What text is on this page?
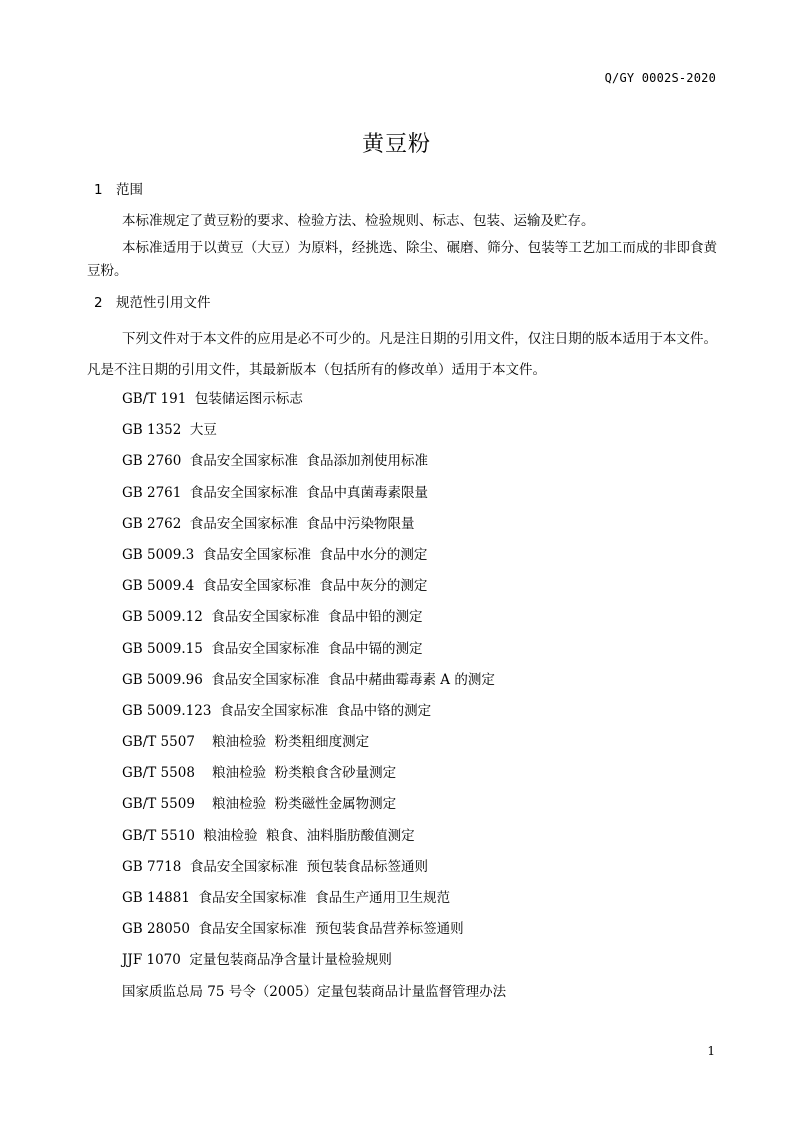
Q/GY 0002S-2020
黄豆粉
1 范围
本标准规定了黄豆粉的要求、检验方法、检验规则、标志、包装、运输及贮存。
本标准适用于以黄豆（大豆）为原料，经挑选、除尘、碾磨、筛分、包装等工艺加工而成的非即食黄豆粉。
2 规范性引用文件
下列文件对于本文件的应用是必不可少的。凡是注日期的引用文件，仅注日期的版本适用于本文件。凡是不注日期的引用文件，其最新版本（包括所有的修改单）适用于本文件。
GB/T 191  包装储运图示标志
GB 1352  大豆
GB 2760  食品安全国家标准  食品添加剂使用标准
GB 2761  食品安全国家标准  食品中真菌毒素限量
GB 2762  食品安全国家标准  食品中污染物限量
GB 5009.3  食品安全国家标准  食品中水分的测定
GB 5009.4  食品安全国家标准  食品中灰分的测定
GB 5009.12  食品安全国家标准  食品中铅的测定
GB 5009.15  食品安全国家标准  食品中镉的测定
GB 5009.96  食品安全国家标准  食品中赭曲霉毒素 A 的测定
GB 5009.123  食品安全国家标准  食品中铬的测定
GB/T 5507    粮油检验  粉类粗细度测定
GB/T 5508    粮油检验  粉类粮食含砂量测定
GB/T 5509    粮油检验  粉类磁性金属物测定
GB/T 5510  粮油检验  粮食、油料脂肪酸值测定
GB 7718  食品安全国家标准  预包装食品标签通则
GB 14881  食品安全国家标准  食品生产通用卫生规范
GB 28050  食品安全国家标准  预包装食品营养标签通则
JJF 1070  定量包装商品净含量计量检验规则
国家质监总局 75 号令（2005）定量包装商品计量监督管理办法
1
